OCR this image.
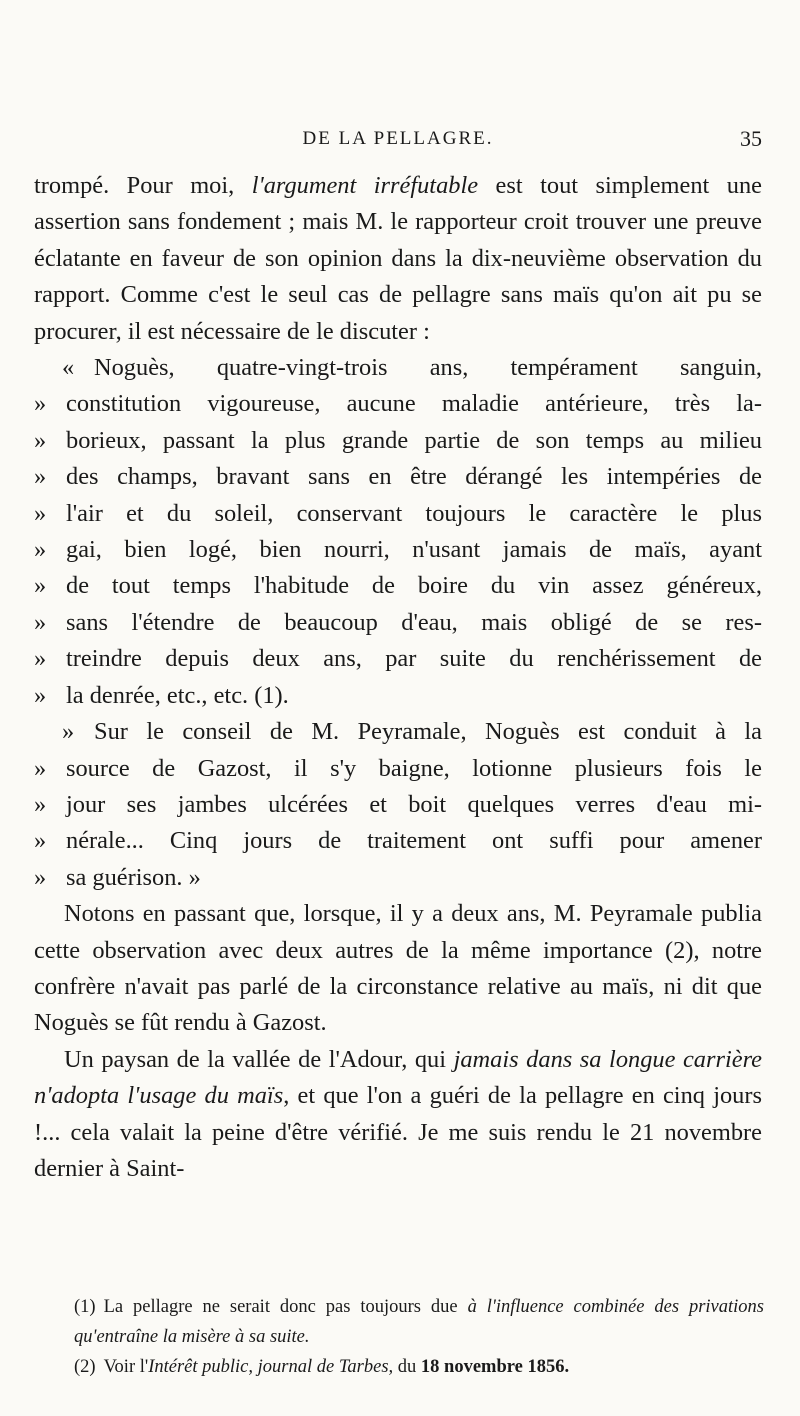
DE LA PELLAGRE.	35

trompé. Pour moi, l'argument irréfutable est tout simplement une assertion sans fondement ; mais M. le rapporteur croit trouver une preuve éclatante en faveur de son opinion dans la dix-neuvième observation du rapport. Comme c'est le seul cas de pellagre sans maïs qu'on ait pu se procurer, il est nécessaire de le discuter :

« Noguès, quatre-vingt-trois ans, tempérament sanguin,
» constitution vigoureuse, aucune maladie antérieure, très la-
» borieux, passant la plus grande partie de son temps au milieu
» des champs, bravant sans en être dérangé les intempéries de
» l'air et du soleil, conservant toujours le caractère le plus
» gai, bien logé, bien nourri, n'usant jamais de maïs, ayant
» de tout temps l'habitude de boire du vin assez généreux,
» sans l'étendre de beaucoup d'eau, mais obligé de se res-
» treindre depuis deux ans, par suite du renchérissement de
» la denrée, etc., etc. (1).
» Sur le conseil de M. Peyramale, Noguès est conduit à la
» source de Gazost, il s'y baigne, lotionne plusieurs fois le
» jour ses jambes ulcérées et boit quelques verres d'eau mi-
» nérale... Cinq jours de traitement ont suffi pour amener
» sa guérison. »

Notons en passant que, lorsque, il y a deux ans, M. Peyramale publia cette observation avec deux autres de la même importance (2), notre confrère n'avait pas parlé de la circonstance relative au maïs, ni dit que Noguès se fût rendu à Gazost.

Un paysan de la vallée de l'Adour, qui jamais dans sa longue carrière n'adopta l'usage du maïs, et que l'on a guéri de la pellagre en cinq jours !... cela valait la peine d'être vérifié. Je me suis rendu le 21 novembre dernier à Saint-

(1) La pellagre ne serait donc pas toujours due à l'influence combinée des privations qu'entraîne la misère à sa suite.

(2) Voir l'Intérêt public, journal de Tarbes, du 18 novembre 1856.
